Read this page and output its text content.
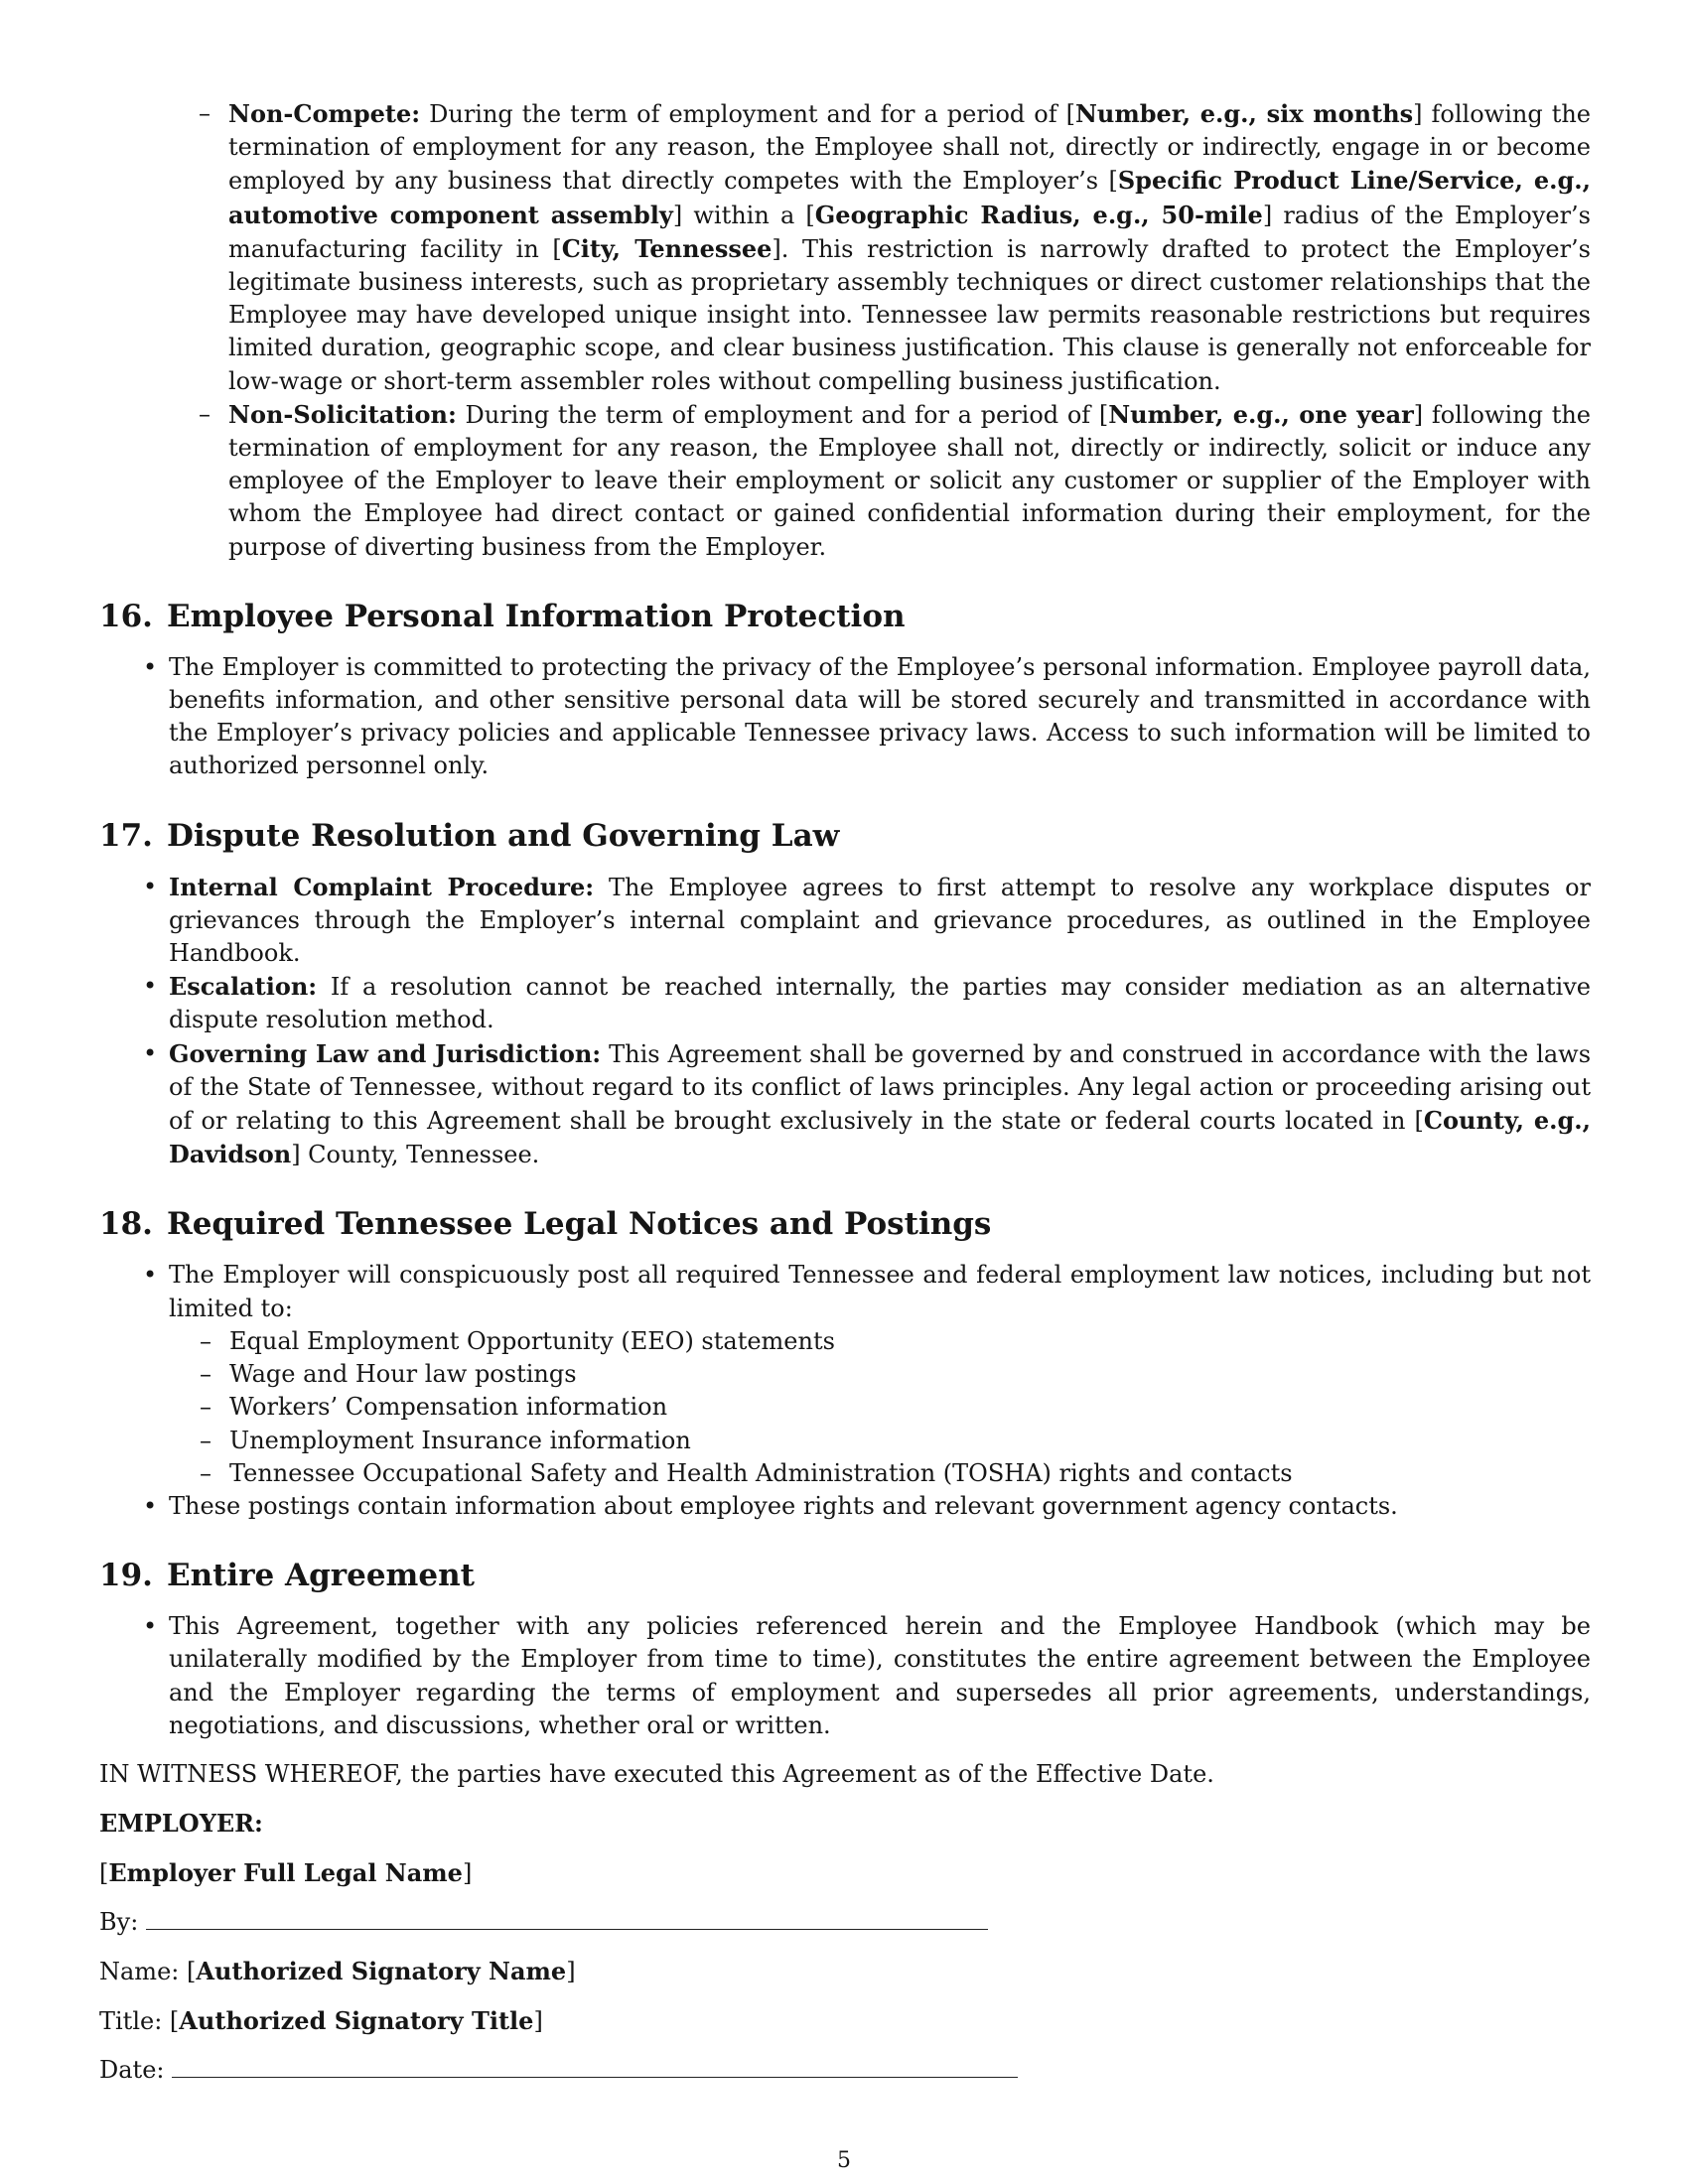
– Non-Compete: During the term of employment and for a period of [Number, e.g., six months] following the termination of employment for any reason, the Employee shall not, directly or indirectly, engage in or become employed by any business that directly competes with the Employer’s [Specific Product Line/Service, e.g., automotive component assembly] within a [Geographic Radius, e.g., 50-mile] radius of the Employer’s manufacturing facility in [City, Tennessee]. This restriction is narrowly drafted to protect the Employer’s legitimate business interests, such as proprietary assembly techniques or direct customer relationships that the Employee may have developed unique insight into. Tennessee law permits reasonable restrictions but requires limited duration, geographic scope, and clear business justification. This clause is generally not enforceable for low-wage or short-term assembler roles without compelling business justification.
– Non-Solicitation: During the term of employment and for a period of [Number, e.g., one year] following the termination of employment for any reason, the Employee shall not, directly or indirectly, solicit or induce any employee of the Employer to leave their employment or solicit any customer or supplier of the Employer with whom the Employee had direct contact or gained confidential information during their employment, for the purpose of diverting business from the Employer.
16. Employee Personal Information Protection
• The Employer is committed to protecting the privacy of the Employee’s personal information. Employee payroll data, benefits information, and other sensitive personal data will be stored securely and transmitted in accordance with the Employer’s privacy policies and applicable Tennessee privacy laws. Access to such information will be limited to authorized personnel only.
17. Dispute Resolution and Governing Law
• Internal Complaint Procedure: The Employee agrees to first attempt to resolve any workplace disputes or grievances through the Employer’s internal complaint and grievance procedures, as outlined in the Employee Handbook.
• Escalation: If a resolution cannot be reached internally, the parties may consider mediation as an alternative dispute resolution method.
• Governing Law and Jurisdiction: This Agreement shall be governed by and construed in accordance with the laws of the State of Tennessee, without regard to its conflict of laws principles. Any legal action or proceeding arising out of or relating to this Agreement shall be brought exclusively in the state or federal courts located in [County, e.g., Davidson] County, Tennessee.
18. Required Tennessee Legal Notices and Postings
• The Employer will conspicuously post all required Tennessee and federal employment law notices, including but not limited to:
– Equal Employment Opportunity (EEO) statements
– Wage and Hour law postings
– Workers’ Compensation information
– Unemployment Insurance information
– Tennessee Occupational Safety and Health Administration (TOSHA) rights and contacts
• These postings contain information about employee rights and relevant government agency contacts.
19. Entire Agreement
• This Agreement, together with any policies referenced herein and the Employee Handbook (which may be unilaterally modified by the Employer from time to time), constitutes the entire agreement between the Employee and the Employer regarding the terms of employment and supersedes all prior agreements, understandings, negotiations, and discussions, whether oral or written.

IN WITNESS WHEREOF, the parties have executed this Agreement as of the Effective Date.

EMPLOYER:

[Employer Full Legal Name]

By:

Name: [Authorized Signatory Name]

Title: [Authorized Signatory Title]

Date:

5
